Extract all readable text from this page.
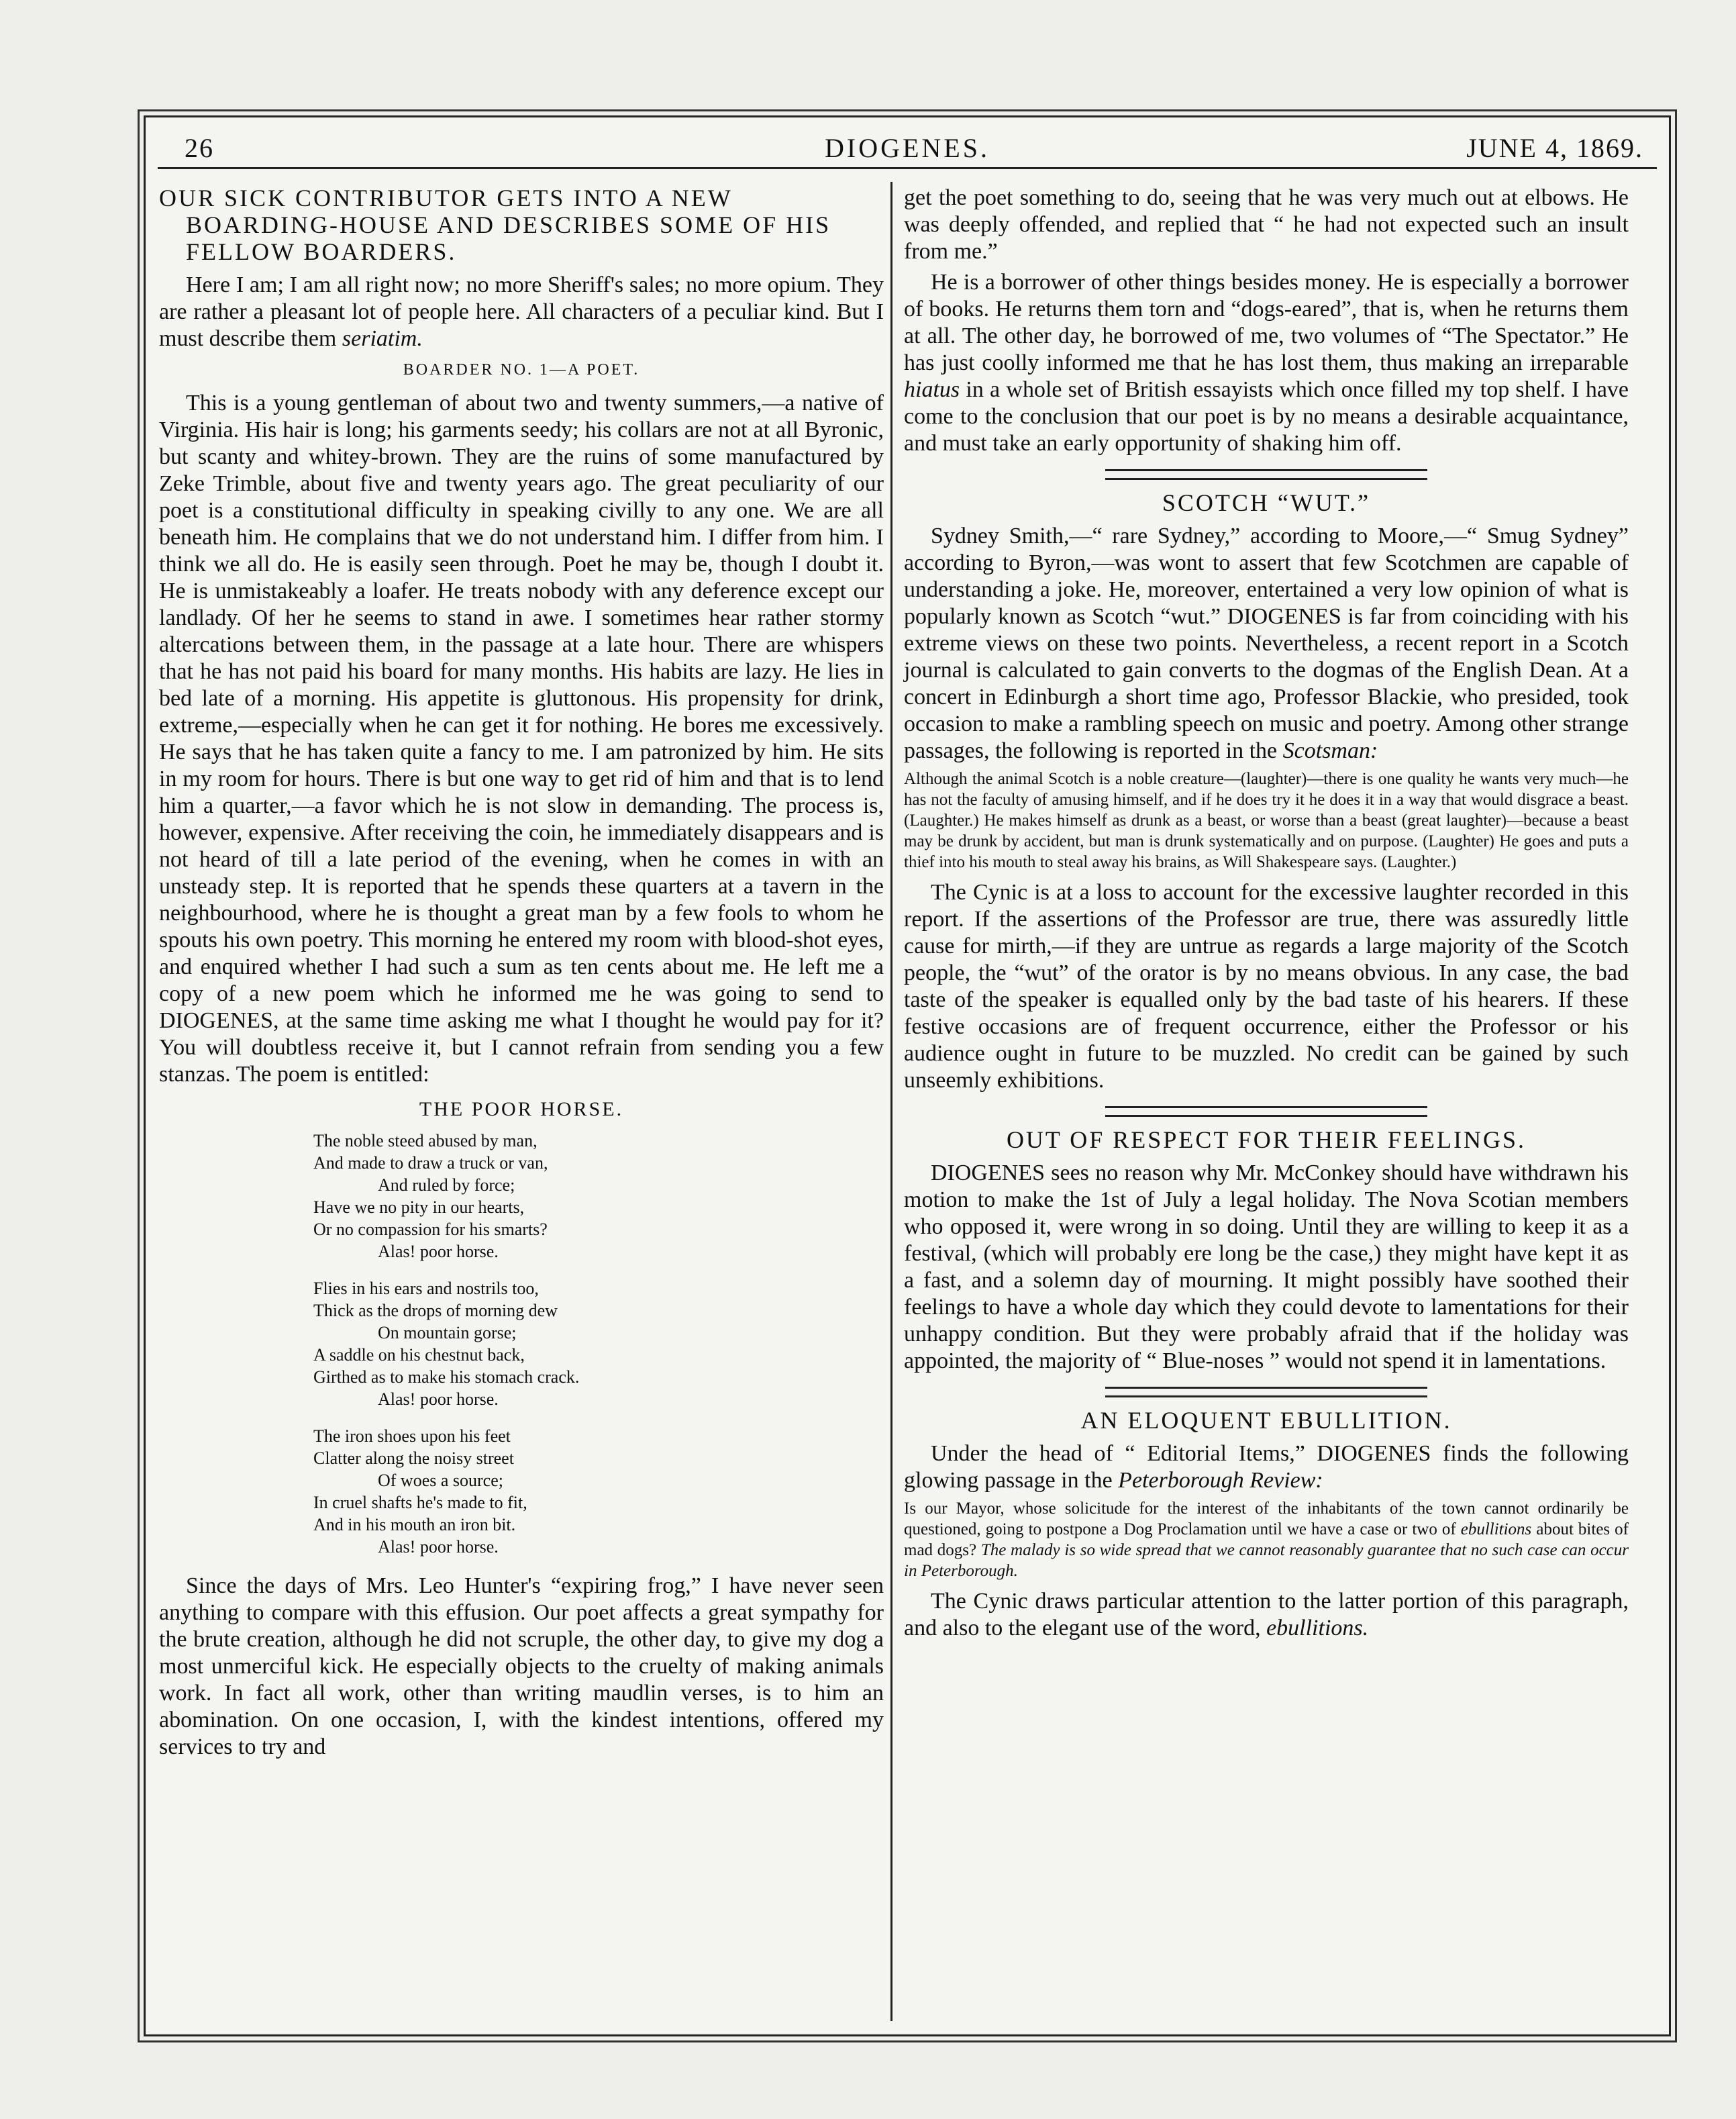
26	DIOGENES.	JUNE 4, 1869.
OUR SICK CONTRIBUTOR GETS INTO A NEW BOARDING-HOUSE AND DESCRIBES SOME OF HIS FELLOW BOARDERS.

Here I am; I am all right now; no more Sheriff's sales; no more opium. They are rather a pleasant lot of people here. All characters of a peculiar kind. But I must describe them seriatim.

BOARDER NO. 1—A POET.

This is a young gentleman of about two and twenty summers,—a native of Virginia. His hair is long; his garments seedy; his collars are not at all Byronic, but scanty and whitey-brown. They are the ruins of some manufactured by Zeke Trimble, about five and twenty years ago. The great peculiarity of our poet is a constitutional difficulty in speaking civilly to any one. We are all beneath him. He complains that we do not understand him. I differ from him. I think we all do. He is easily seen through. Poet he may be, though I doubt it. He is unmistakeably a loafer. He treats nobody with any deference except our landlady. Of her he seems to stand in awe. I sometimes hear rather stormy altercations between them, in the passage at a late hour. There are whispers that he has not paid his board for many months. His habits are lazy. He lies in bed late of a morning. His appetite is gluttonous. His propensity for drink, extreme,—especially when he can get it for nothing. He bores me excessively. He says that he has taken quite a fancy to me. I am patronized by him. He sits in my room for hours. There is but one way to get rid of him and that is to lend him a quarter,—a favor which he is not slow in demanding. The process is, however, expensive. After receiving the coin, he immediately disappears and is not heard of till a late period of the evening, when he comes in with an unsteady step. It is reported that he spends these quarters at a tavern in the neighbourhood, where he is thought a great man by a few fools to whom he spouts his own poetry. This morning he entered my room with blood-shot eyes, and enquired whether I had such a sum as ten cents about me. He left me a copy of a new poem which he informed me he was going to send to DIOGENES, at the same time asking me what I thought he would pay for it? You will doubtless receive it, but I cannot refrain from sending you a few stanzas. The poem is entitled:

THE POOR HORSE.
The noble steed abused by man,
And made to draw a truck or van,
And ruled by force;
Have we no pity in our hearts,
Or no compassion for his smarts?
Alas! poor horse.
Flies in his ears and nostrils too,
Thick as the drops of morning dew
On mountain gorse;
A saddle on his chestnut back,
Girthed as to make his stomach crack.
Alas! poor horse.
The iron shoes upon his feet
Clatter along the noisy street
Of woes a source;
In cruel shafts he's made to fit,
And in his mouth an iron bit.
Alas! poor horse.

Since the days of Mrs. Leo Hunter's “expiring frog,” I have never seen anything to compare with this effusion. Our poet affects a great sympathy for the brute creation, although he did not scruple, the other day, to give my dog a most unmerciful kick. He especially objects to the cruelty of making animals work. In fact all work, other than writing maudlin verses, is to him an abomination. On one occasion, I, with the kindest intentions, offered my services to try and

get the poet something to do, seeing that he was very much out at elbows. He was deeply offended, and replied that “ he had not expected such an insult from me.”

He is a borrower of other things besides money. He is especially a borrower of books. He returns them torn and “dogs-eared”, that is, when he returns them at all. The other day, he borrowed of me, two volumes of “The Spectator.” He has just coolly informed me that he has lost them, thus making an irreparable hiatus in a whole set of British essayists which once filled my top shelf. I have come to the conclusion that our poet is by no means a desirable acquaintance, and must take an early opportunity of shaking him off.

SCOTCH “WUT.”

Sydney Smith,—“ rare Sydney,” according to Moore,—“ Smug Sydney” according to Byron,—was wont to assert that few Scotchmen are capable of understanding a joke. He, moreover, entertained a very low opinion of what is popularly known as Scotch “wut.” DIOGENES is far from coinciding with his extreme views on these two points. Nevertheless, a recent report in a Scotch journal is calculated to gain converts to the dogmas of the English Dean. At a concert in Edinburgh a short time ago, Professor Blackie, who presided, took occasion to make a rambling speech on music and poetry. Among other strange passages, the following is reported in the Scotsman:

Although the animal Scotch is a noble creature—(laughter)—there is one quality he wants very much—he has not the faculty of amusing himself, and if he does try it he does it in a way that would disgrace a beast. (Laughter.) He makes himself as drunk as a beast, or worse than a beast (great laughter)—because a beast may be drunk by accident, but man is drunk systematically and on purpose. (Laughter) He goes and puts a thief into his mouth to steal away his brains, as Will Shakespeare says. (Laughter.)

The Cynic is at a loss to account for the excessive laughter recorded in this report. If the assertions of the Professor are true, there was assuredly little cause for mirth,—if they are untrue as regards a large majority of the Scotch people, the “wut” of the orator is by no means obvious. In any case, the bad taste of the speaker is equalled only by the bad taste of his hearers. If these festive occasions are of frequent occurrence, either the Professor or his audience ought in future to be muzzled. No credit can be gained by such unseemly exhibitions.

OUT OF RESPECT FOR THEIR FEELINGS.

DIOGENES sees no reason why Mr. McConkey should have withdrawn his motion to make the 1st of July a legal holiday. The Nova Scotian members who opposed it, were wrong in so doing. Until they are willing to keep it as a festival, (which will probably ere long be the case,) they might have kept it as a fast, and a solemn day of mourning. It might possibly have soothed their feelings to have a whole day which they could devote to lamentations for their unhappy condition. But they were probably afraid that if the holiday was appointed, the majority of “ Blue-noses ” would not spend it in lamentations.

AN ELOQUENT EBULLITION.

Under the head of “ Editorial Items,” DIOGENES finds the following glowing passage in the Peterborough Review:

Is our Mayor, whose solicitude for the interest of the inhabitants of the town cannot ordinarily be questioned, going to postpone a Dog Proclamation until we have a case or two of ebullitions about bites of mad dogs? The malady is so wide spread that we cannot reasonably guarantee that no such case can occur in Peterborough.

The Cynic draws particular attention to the latter portion of this paragraph, and also to the elegant use of the word, ebullitions.
